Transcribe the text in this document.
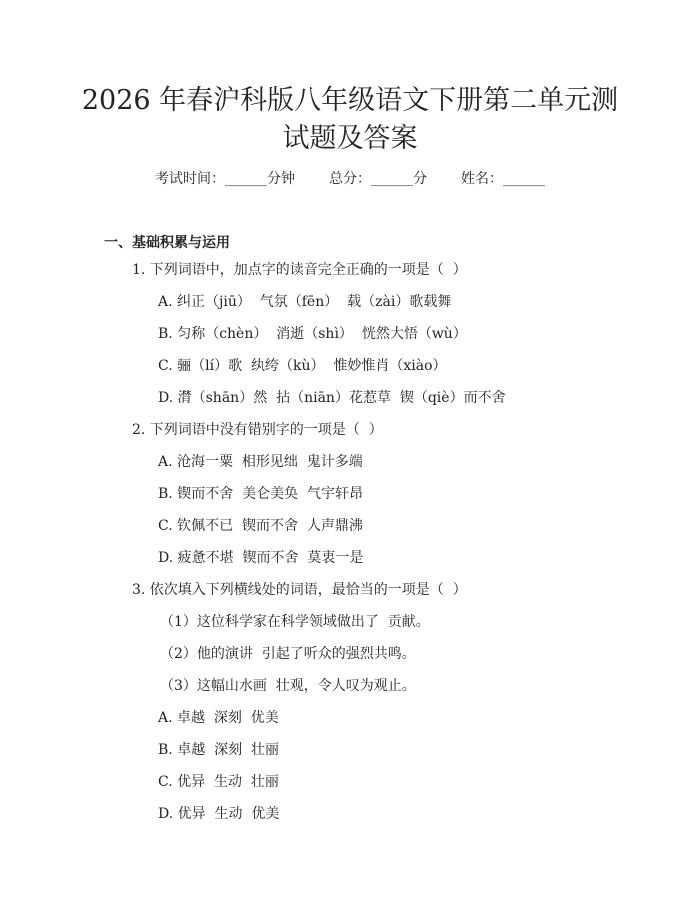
2026 年春沪科版八年级语文下册第二单元测
试题及答案
考试时间：______分钟 总分：______分 姓名：______
一、基础积累与运用
1. 下列词语中，加点字的读音完全正确的一项是（  ）
A. 纠正（jiū）  气氛（fēn）  载（zài）歌载舞
B. 匀称（chèn）  消逝（shì）  恍然大悟（wù）
C. 骊（lí）歌  纨绔（kù）  惟妙惟肖（xiào）
D. 潸（shān）然  拈（niān）花惹草  锲（qiè）而不舍
2. 下列词语中没有错别字的一项是（  ）
A. 沧海一粟  相形见绌  鬼计多端
B. 锲而不舍  美仑美奂  气宇轩昂
C. 钦佩不已  锲而不舍  人声鼎沸
D. 疲惫不堪  锲而不舍  莫衷一是
3. 依次填入下列横线处的词语，最恰当的一项是（  ）
（1）这位科学家在科学领域做出了  贡献。
（2）他的演讲  引起了听众的强烈共鸣。
（3）这幅山水画  壮观，令人叹为观止。
A. 卓越  深刻  优美
B. 卓越  深刻  壮丽
C. 优异  生动  壮丽
D. 优异  生动  优美
